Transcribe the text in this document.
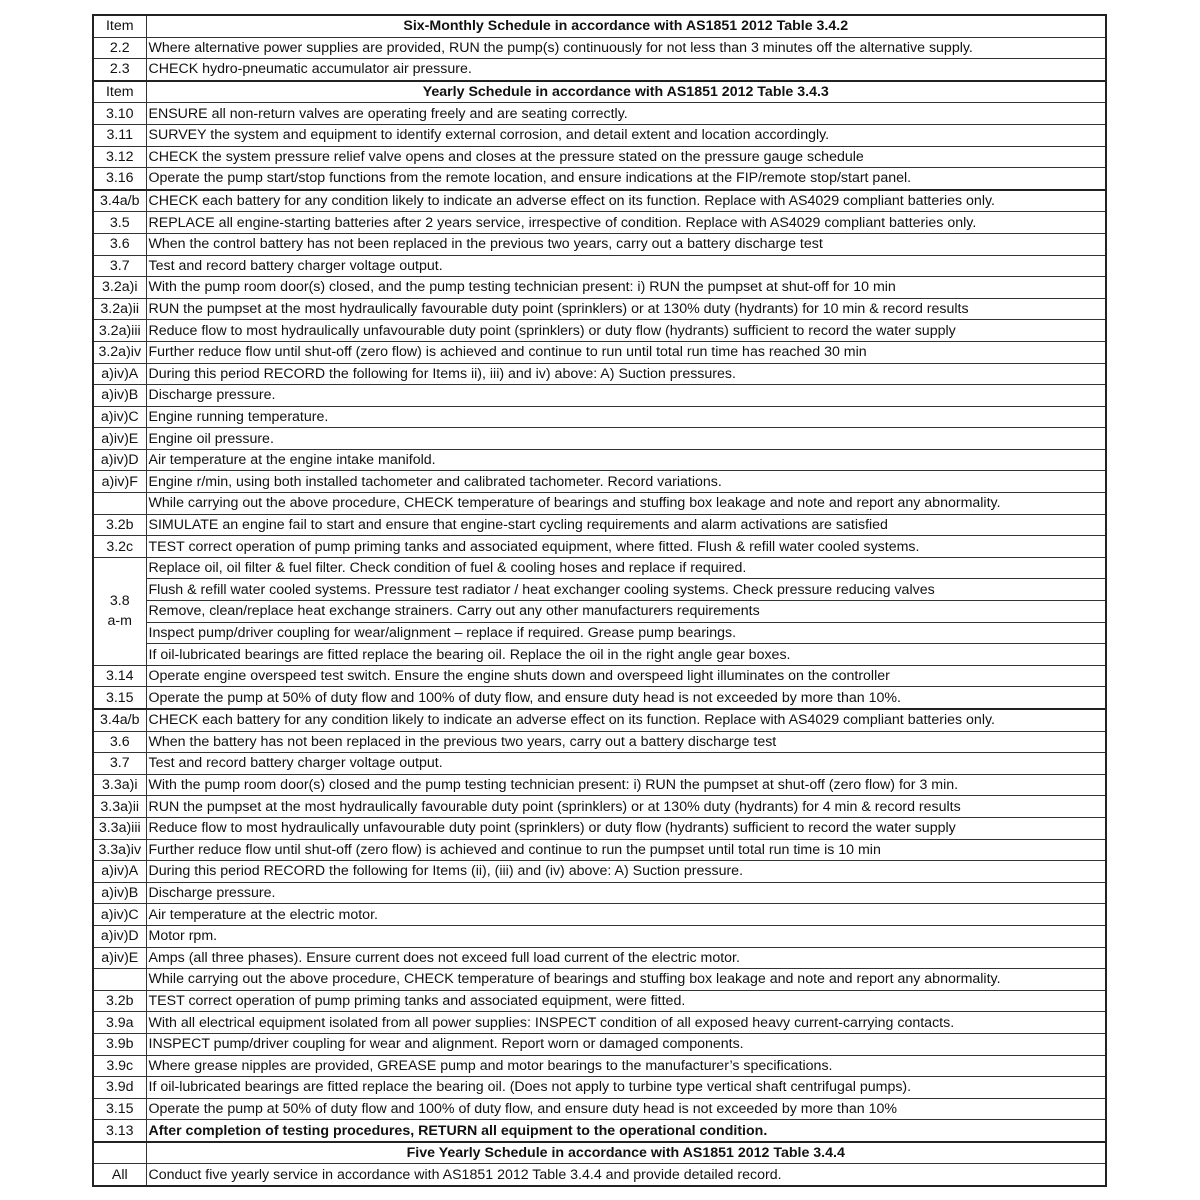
Item	Six-Monthly Schedule in accordance with AS1851 2012 Table 3.4.2
2.2	Where alternative power supplies are provided, RUN the pump(s) continuously for not less than 3 minutes off the alternative supply.
2.3	CHECK hydro-pneumatic accumulator air pressure.
Item	Yearly Schedule in accordance with AS1851 2012 Table 3.4.3
3.10	ENSURE all non-return valves are operating freely and are seating correctly.
3.11	SURVEY the system and equipment to identify external corrosion, and detail extent and location accordingly.
3.12	CHECK the system pressure relief valve opens and closes at the pressure stated on the pressure gauge schedule
3.16	Operate the pump start/stop functions from the remote location, and ensure indications at the FIP/remote stop/start panel.
3.4a/b	CHECK each battery for any condition likely to indicate an adverse effect on its function. Replace with AS4029 compliant batteries only.
3.5	REPLACE all engine-starting batteries after 2 years service, irrespective of condition. Replace with AS4029 compliant batteries only.
3.6	When the control battery has not been replaced in the previous two years, carry out a battery discharge test
3.7	Test and record battery charger voltage output.
3.2a)i	With the pump room door(s) closed, and the pump testing technician present: i) RUN the pumpset at shut-off for 10 min
3.2a)ii	RUN the pumpset at the most hydraulically favourable duty point (sprinklers) or at 130% duty (hydrants) for 10 min & record results
3.2a)iii	Reduce flow to most hydraulically unfavourable duty point (sprinklers) or duty flow (hydrants) sufficient to record the water supply
3.2a)iv	Further reduce flow until shut-off (zero flow) is achieved and continue to run until total run time has reached 30 min
a)iv)A	During this period RECORD the following for Items ii), iii) and iv) above: A) Suction pressures.
a)iv)B	Discharge pressure.
a)iv)C	Engine running temperature.
a)iv)E	Engine oil pressure.
a)iv)D	Air temperature at the engine intake manifold.
a)iv)F	Engine r/min, using both installed tachometer and calibrated tachometer. Record variations.
	While carrying out the above procedure, CHECK temperature of bearings and stuffing box leakage and note and report any abnormality.
3.2b	SIMULATE an engine fail to start and ensure that engine-start cycling requirements and alarm activations are satisfied
3.2c	TEST correct operation of pump priming tanks and associated equipment, where fitted. Flush & refill water cooled systems.

3.8
a-m	Replace oil, oil filter & fuel filter. Check condition of fuel & cooling hoses and replace if required.
	Flush & refill water cooled systems. Pressure test radiator / heat exchanger cooling systems. Check pressure reducing valves
	Remove, clean/replace heat exchange strainers. Carry out any other manufacturers requirements
	Inspect pump/driver coupling for wear/alignment – replace if required. Grease pump bearings.
	If oil-lubricated bearings are fitted replace the bearing oil. Replace the oil in the right angle gear boxes.
3.14	Operate engine overspeed test switch. Ensure the engine shuts down and overspeed light illuminates on the controller
3.15	Operate the pump at 50% of duty flow and 100% of duty flow, and ensure duty head is not exceeded by more than 10%.
3.4a/b	CHECK each battery for any condition likely to indicate an adverse effect on its function. Replace with AS4029 compliant batteries only.
3.6	When the battery has not been replaced in the previous two years, carry out a battery discharge test
3.7	Test and record battery charger voltage output.
3.3a)i	With the pump room door(s) closed and the pump testing technician present: i) RUN the pumpset at shut-off (zero flow) for 3 min.
3.3a)ii	RUN the pumpset at the most hydraulically favourable duty point (sprinklers) or at 130% duty (hydrants) for 4 min & record results
3.3a)iii	Reduce flow to most hydraulically unfavourable duty point (sprinklers) or duty flow (hydrants) sufficient to record the water supply
3.3a)iv	Further reduce flow until shut-off (zero flow) is achieved and continue to run the pumpset until total run time is 10 min
a)iv)A	During this period RECORD the following for Items (ii), (iii) and (iv) above: A) Suction pressure.
a)iv)B	Discharge pressure.
a)iv)C	Air temperature at the electric motor.
a)iv)D	Motor rpm.
a)iv)E	Amps (all three phases). Ensure current does not exceed full load current of the electric motor.
	While carrying out the above procedure, CHECK temperature of bearings and stuffing box leakage and note and report any abnormality.
3.2b	TEST correct operation of pump priming tanks and associated equipment, were fitted.
3.9a	With all electrical equipment isolated from all power supplies: INSPECT condition of all exposed heavy current-carrying contacts.
3.9b	INSPECT pump/driver coupling for wear and alignment. Report worn or damaged components.
3.9c	Where grease nipples are provided, GREASE pump and motor bearings to the manufacturer’s specifications.
3.9d	If oil-lubricated bearings are fitted replace the bearing oil. (Does not apply to turbine type vertical shaft centrifugal pumps).
3.15	Operate the pump at 50% of duty flow and 100% of duty flow, and ensure duty head is not exceeded by more than 10%
3.13	After completion of testing procedures, RETURN all equipment to the operational condition.
	Five Yearly Schedule in accordance with AS1851 2012 Table 3.4.4
All	Conduct five yearly service in accordance with AS1851 2012 Table 3.4.4 and provide detailed record.
